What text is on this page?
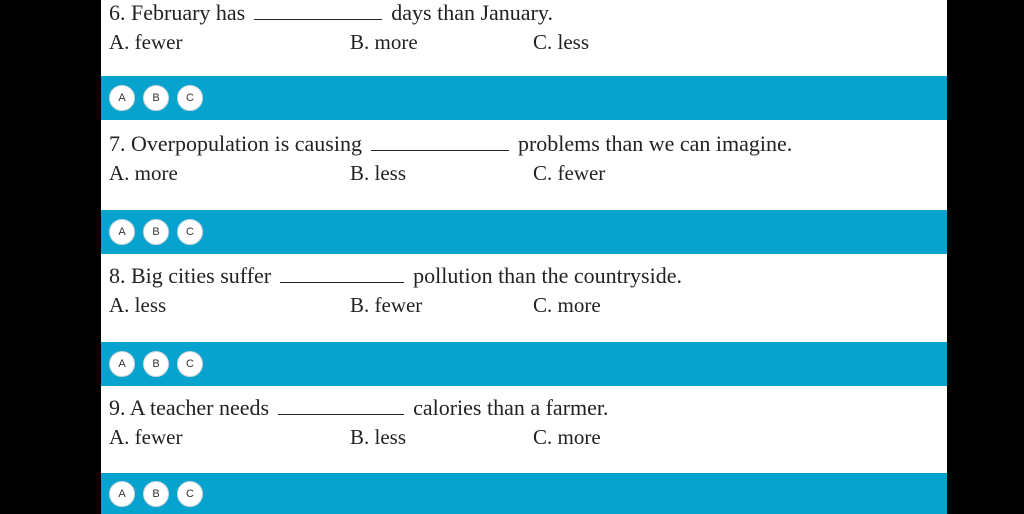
6. February has	days than January.
A. fewer	B. more	C. less
A	B	C
7. Overpopulation is causing	problems than we can imagine.
A. more	B. less	C. fewer
A	B	C
8. Big cities suffer	pollution than the countryside.
A. less	B. fewer	C. more
A	B	C
9. A teacher needs	calories than a farmer.
A. fewer	B. less	C. more
A	B	C
